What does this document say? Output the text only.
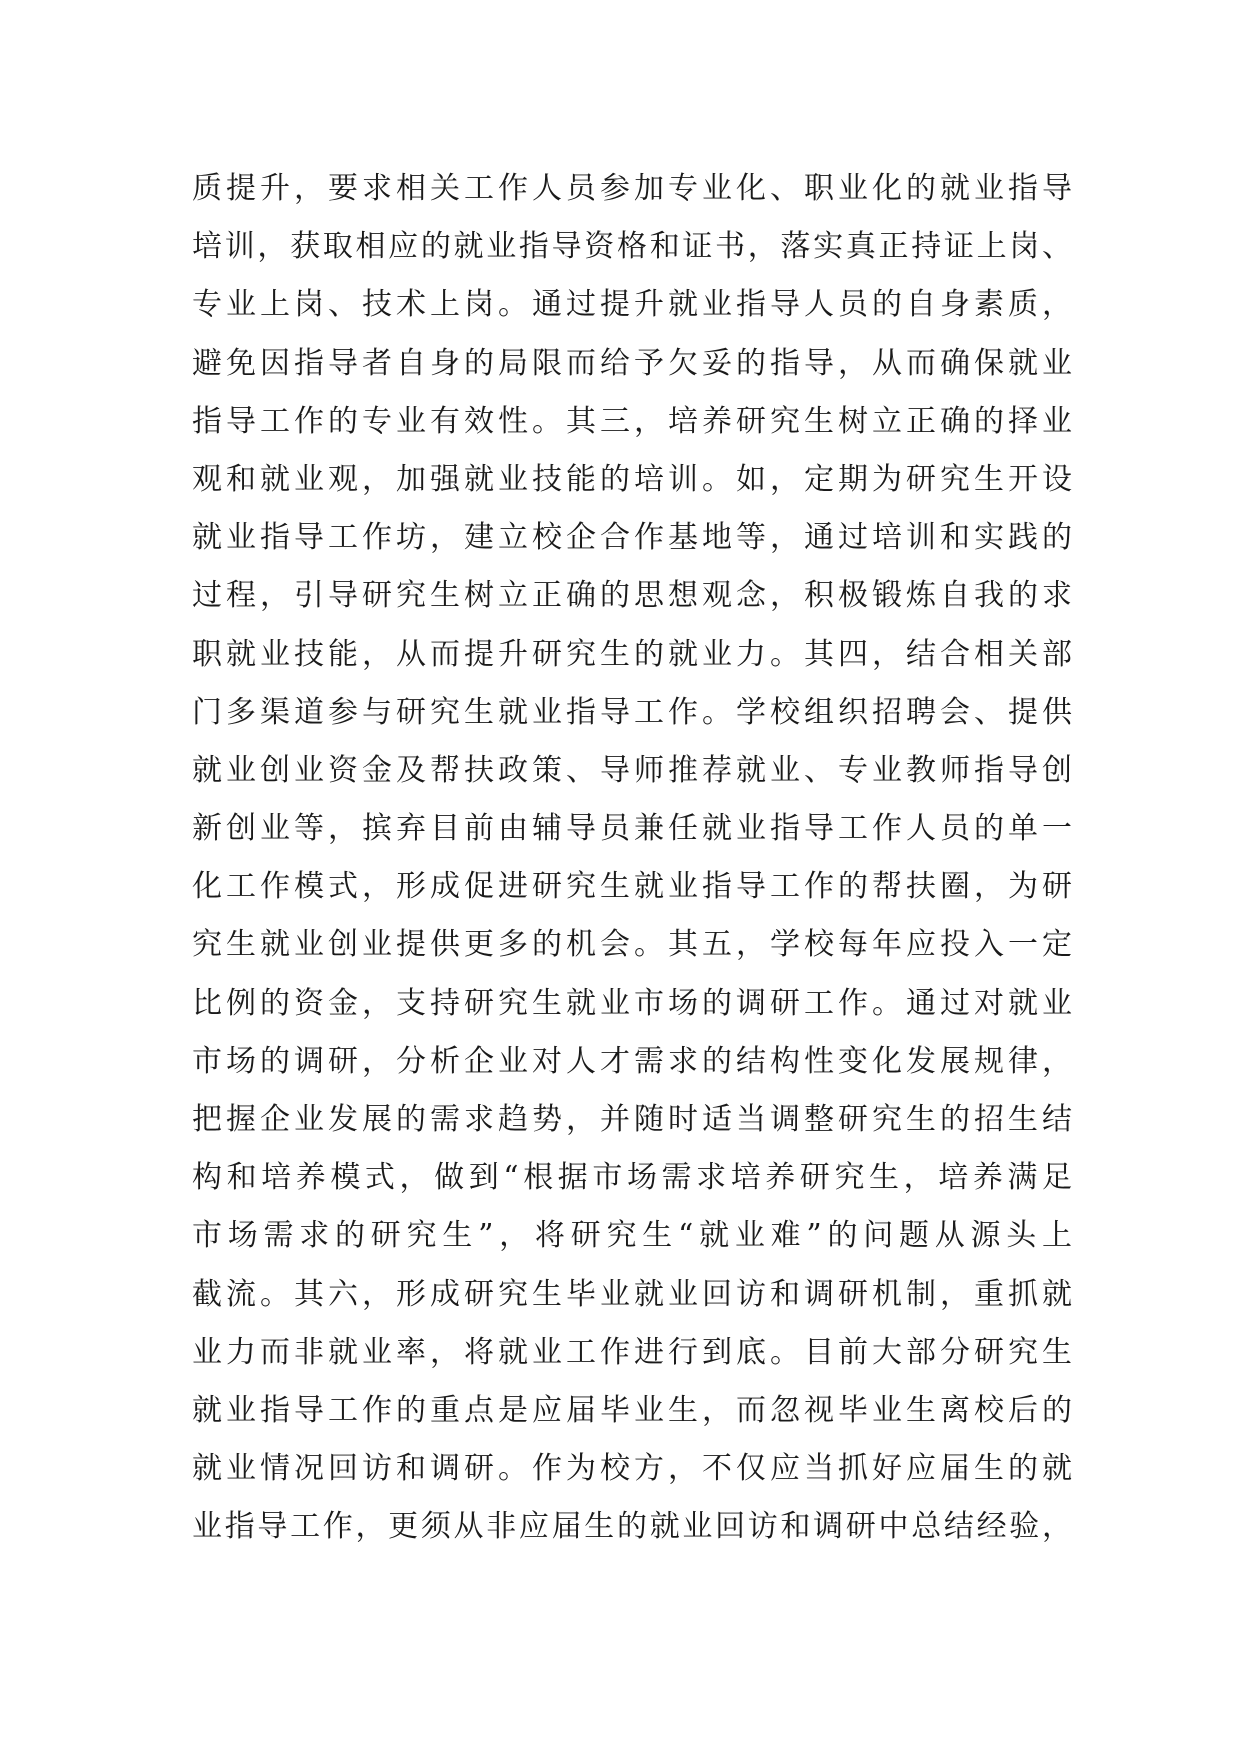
质提升，要求相关工作人员参加专业化、职业化的就业指导
培训，获取相应的就业指导资格和证书，落实真正持证上岗、
专业上岗、技术上岗。通过提升就业指导人员的自身素质，
避免因指导者自身的局限而给予欠妥的指导，从而确保就业
指导工作的专业有效性。其三，培养研究生树立正确的择业
观和就业观，加强就业技能的培训。如，定期为研究生开设
就业指导工作坊，建立校企合作基地等，通过培训和实践的
过程，引导研究生树立正确的思想观念，积极锻炼自我的求
职就业技能，从而提升研究生的就业力。其四，结合相关部
门多渠道参与研究生就业指导工作。学校组织招聘会、提供
就业创业资金及帮扶政策、导师推荐就业、专业教师指导创
新创业等，摈弃目前由辅导员兼任就业指导工作人员的单一
化工作模式，形成促进研究生就业指导工作的帮扶圈，为研
究生就业创业提供更多的机会。其五，学校每年应投入一定
比例的资金，支持研究生就业市场的调研工作。通过对就业
市场的调研，分析企业对人才需求的结构性变化发展规律，
把握企业发展的需求趋势，并随时适当调整研究生的招生结
构和培养模式，做到“根据市场需求培养研究生，培养满足
市场需求的研究生”，将研究生“就业难”的问题从源头上
截流。其六，形成研究生毕业就业回访和调研机制，重抓就
业力而非就业率，将就业工作进行到底。目前大部分研究生
就业指导工作的重点是应届毕业生，而忽视毕业生离校后的
就业情况回访和调研。作为校方，不仅应当抓好应届生的就
业指导工作，更须从非应届生的就业回访和调研中总结经验，
